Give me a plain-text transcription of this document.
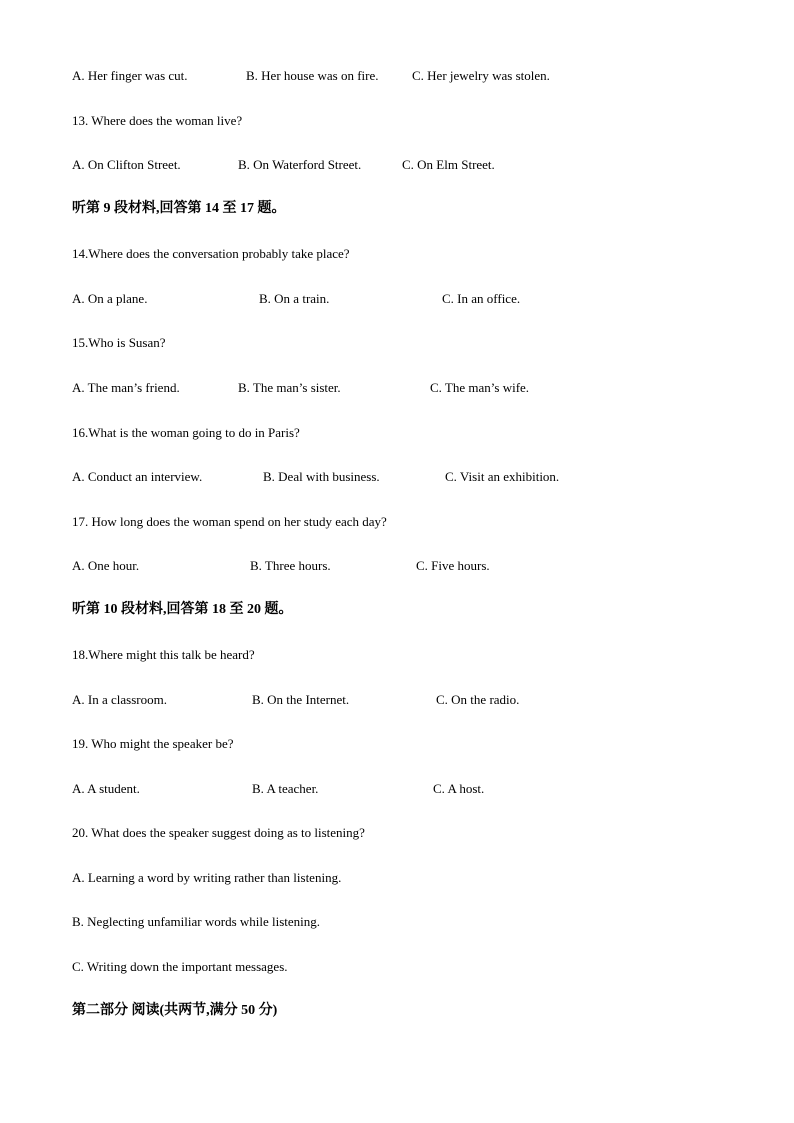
A. Her finger was cut.	B. Her house was on fire.	C. Her jewelry was stolen.
13. Where does the woman live?
A. On Clifton Street.	B. On Waterford Street.	C. On Elm Street.
听第 9 段材料,回答第 14 至 17 题。
14.Where does the conversation probably take place?
A. On a plane.	B. On a train.	C. In an office.
15.Who is Susan?
A. The man’s friend.	B. The man’s sister.	C. The man’s wife.
16.What is the woman going to do in Paris?
A. Conduct an interview.	B. Deal with business.	C. Visit an exhibition.
17. How long does the woman spend on her study each day?
A. One hour.	B. Three hours.	C. Five hours.
听第 10 段材料,回答第 18 至 20 题。
18.Where might this talk be heard?
A. In a classroom.	B. On the Internet.	C. On the radio.
19. Who might the speaker be?
A. A student.	B. A teacher.	C. A host.
20. What does the speaker suggest doing as to listening?
A. Learning a word by writing rather than listening.
B. Neglecting unfamiliar words while listening.
C. Writing down the important messages.
第二部分 阅读(共两节,满分 50 分)
